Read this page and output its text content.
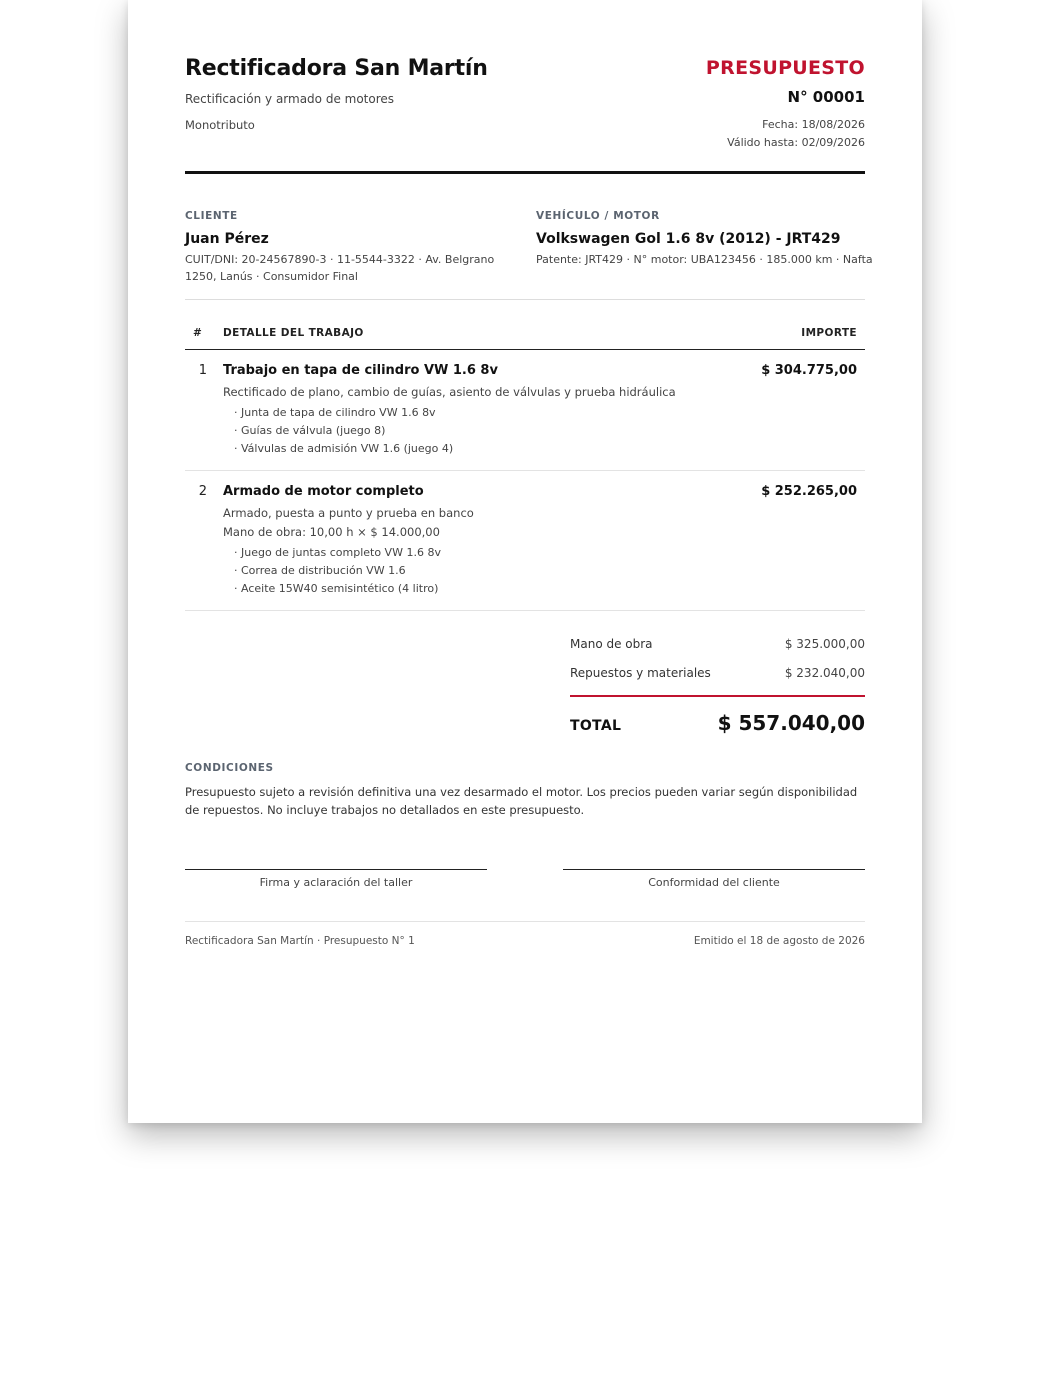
Rectificadora San Martín
Rectificación y armado de motores
Monotributo
PRESUPUESTO
N° 00001
Fecha: 18/08/2026
Válido hasta: 02/09/2026
CLIENTE
Juan Pérez
CUIT/DNI: 20-24567890-3 · 11-5544-3322 · Av. Belgrano 1250, Lanús · Consumidor Final
VEHÍCULO / MOTOR
Volkswagen Gol 1.6 8v (2012) - JRT429
Patente: JRT429 · N° motor: UBA123456 · 185.000 km · Nafta
# DETALLE DEL TRABAJO	IMPORTE
1 Trabajo en tapa de cilindro VW 1.6 8v
Rectificado de plano, cambio de guías, asiento de válvulas y prueba hidráulica
· Junta de tapa de cilindro VW 1.6 8v
· Guías de válvula (juego 8)
· Válvulas de admisión VW 1.6 (juego 4)
$ 304.775,00
2 Armado de motor completo
Armado, puesta a punto y prueba en banco
Mano de obra: 10,00 h × $ 14.000,00
· Juego de juntas completo VW 1.6 8v
· Correa de distribución VW 1.6
· Aceite 15W40 semisintético (4 litro)
$ 252.265,00
Mano de obra	$ 325.000,00
Repuestos y materiales	$ 232.040,00
TOTAL	$ 557.040,00
CONDICIONES
Presupuesto sujeto a revisión definitiva una vez desarmado el motor. Los precios pueden variar según disponibilidad de repuestos. No incluye trabajos no detallados en este presupuesto.
Firma y aclaración del taller	Conformidad del cliente
Rectificadora San Martín · Presupuesto N° 1	Emitido el 18 de agosto de 2026
